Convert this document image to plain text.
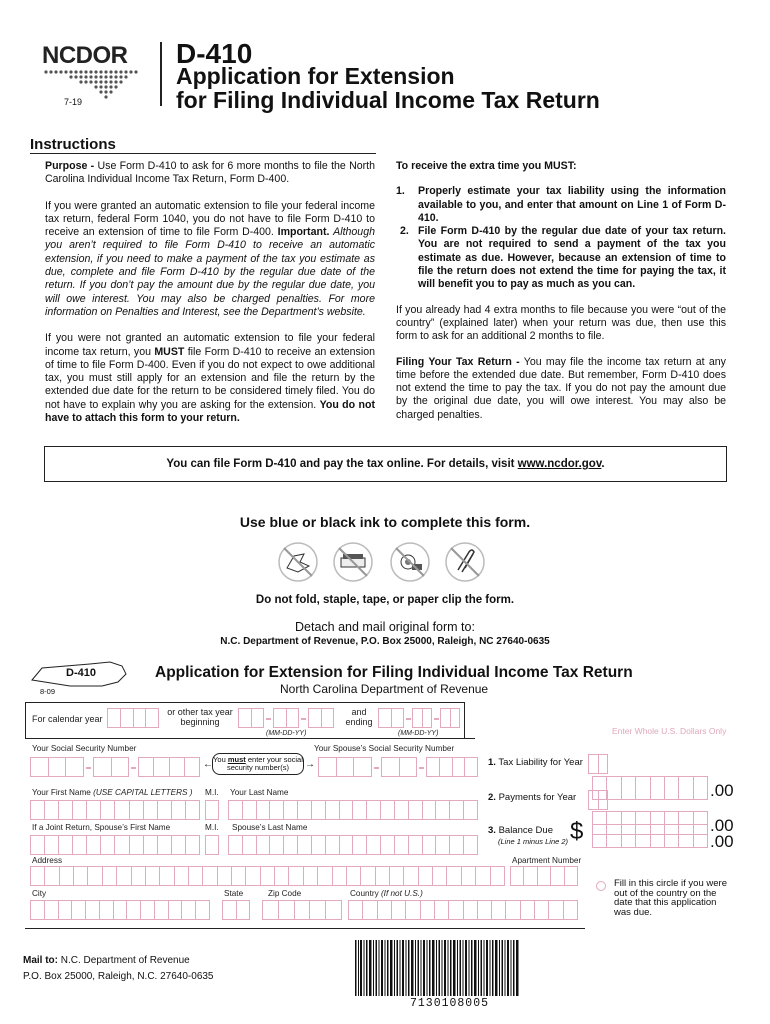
NCDOR
7-19
D-410
Application for Extension
for Filing Individual Income Tax Return
Instructions

Purpose - Use Form D-410 to ask for 6 more months to file the North Carolina Individual Income Tax Return, Form D-400.

If you were granted an automatic extension to file your federal income tax return, federal Form 1040, you do not have to file Form D-410 to receive an extension of time to file Form D-400. Important. Although you aren’t required to file Form D-410 to receive an automatic extension, if you need to make a payment of the tax you estimate as due, complete and file Form D-410 by the regular due date of the return. If you don’t pay the amount due by the regular due date, you will owe interest. You may also be charged penalties. For more information on Penalties and Interest, see the Department’s website.

If you were not granted an automatic extension to file your federal income tax return, you MUST file Form D-410 to receive an extension of time to file Form D-400. Even if you do not expect to owe additional tax, you must still apply for an extension and file the return by the extended due date for the return to be considered timely filed. You do not have to explain why you are asking for the extension. You do not have to attach this form to your return.

To receive the extra time you MUST:

1.	Properly estimate your tax liability using the information available to you, and enter that amount on Line 1 of Form D-410.
2. File Form D-410 by the regular due date of your tax return. You are not required to send a payment of the tax you estimate as due. However, because an extension of time to file the return does not extend the time for paying the tax, it will benefit you to pay as much as you can.

If you already had 4 extra months to file because you were “out of the country” (explained later) when your return was due, then use this form to ask for an additional 2 months to file.

Filing Your Tax Return - You may file the income tax return at any time before the extended due date. But remember, Form D-410 does not extend the time to pay the tax. If you do not pay the amount due by the original due date, you will owe interest. You may also be charged penalties.

You can file Form D-410 and pay the tax online. For details, visit www.ncdor.gov.
Use blue or black ink to complete this form.
Do not fold, staple, tape, or paper clip the form.
Detach and mail original form to:
N.C. Department of Revenue, P.O. Box 25000, Raleigh, NC 27640-0635
D-410
8-09
Application for Extension for Filing Individual Income Tax Return
North Carolina Department of Revenue
For calendar year
or other tax year beginning
(MM-DD-YY)
and ending
(MM-DD-YY)	Enter Whole U.S. Dollars Only
Your Social Security Number	Your Spouse’s Social Security Number
← You must enter your social security number(s)	→
Your First Name (USE CAPITAL LETTERS ) M.I. Your Last Name
If a Joint Return, Spouse’s First Name	M.I. Spouse’s Last Name
Address	Apartment Number
City	State	Zip Code	Country (If not U.S.)
1. Tax Liability for Year
.00
2. Payments for Year
.00
3. Balance Due
(Line 1 minus Line 2) $	.00
Fill in this circle if you were out of the country on the date that this application was due.
Mail to: N.C. Department of Revenue
P.O. Box 25000, Raleigh, N.C. 27640-0635
7130108005
